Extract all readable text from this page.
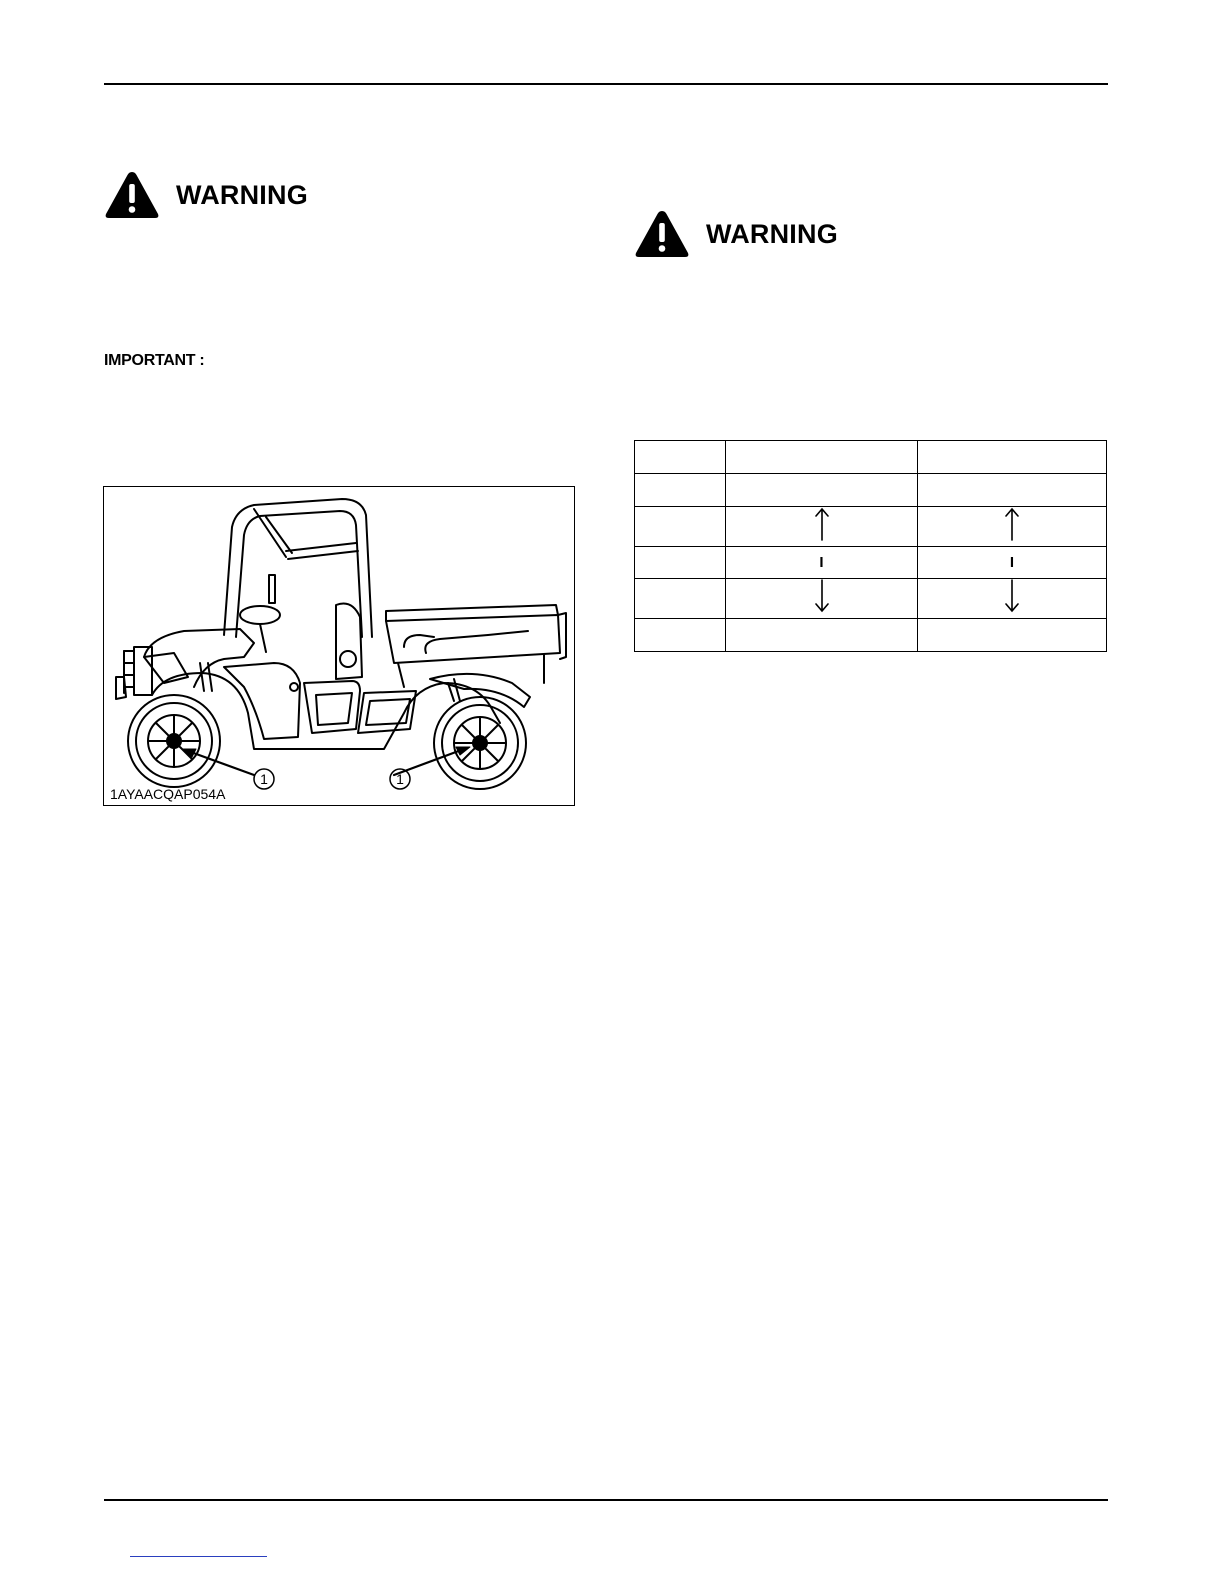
WARNING
WARNING
IMPORTANT :
1	1
1AYAACQAP054A

	I	I
